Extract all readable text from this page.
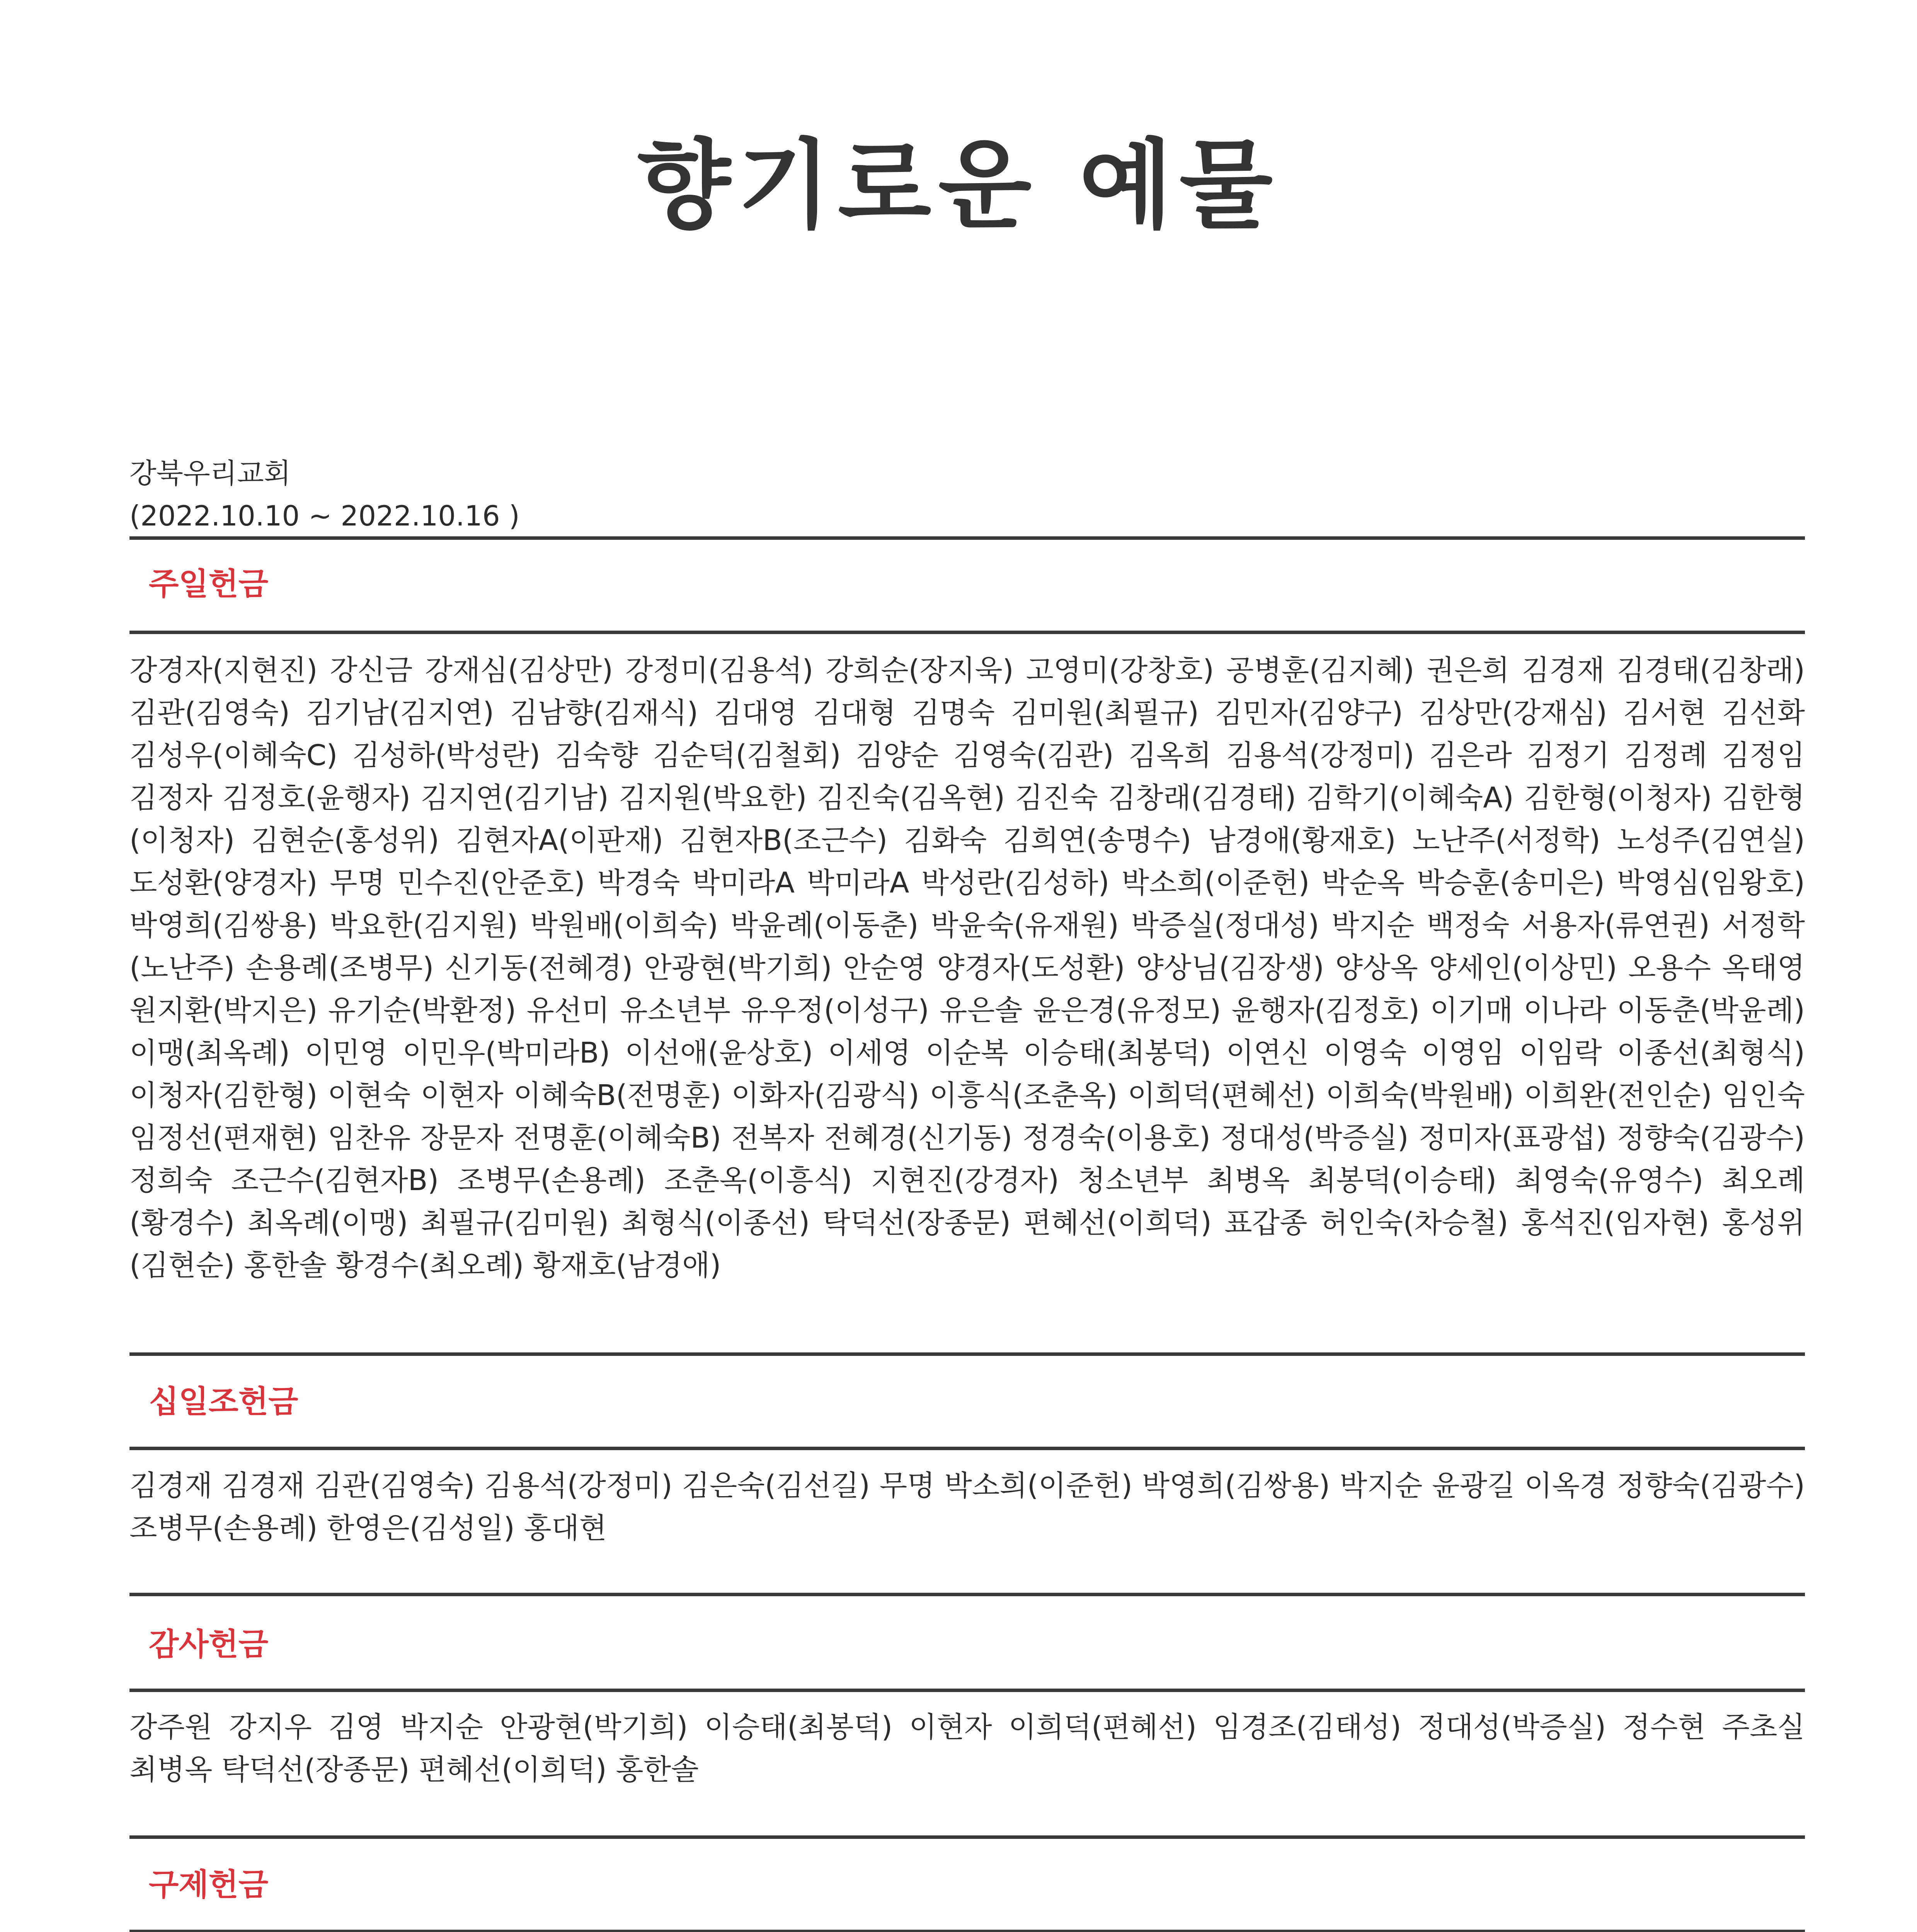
향기로운 예물
강북우리교회
(2022.10.10 ~ 2022.10.16 )
주일헌금
강경자(지현진) 강신금 강재심(김상만) 강정미(김용석) 강희순(장지욱) 고영미(강창호) 공병훈(김지혜) 권은희 김경재 김경태(김창래) 김관(김영숙) 김기남(김지연) 김남향(김재식) 김대영 김대형 김명숙 김미원(최필규) 김민자(김양구) 김상만(강재심) 김서현 김선화 김성우(이혜숙C) 김성하(박성란) 김숙향 김순덕(김철회) 김양순 김영숙(김관) 김옥희 김용석(강정미) 김은라 김정기 김정례 김정임 김정자 김정호(윤행자) 김지연(김기남) 김지원(박요한) 김진숙(김옥현) 김진숙 김창래(김경태) 김학기(이혜숙A) 김한형(이청자) 김한형(이청자) 김현순(홍성위) 김현자A(이판재) 김현자B(조근수) 김화숙 김희연(송명수) 남경애(황재호) 노난주(서정학) 노성주(김연실) 도성환(양경자) 무명 민수진(안준호) 박경숙 박미라A 박미라A 박성란(김성하) 박소희(이준헌) 박순옥 박승훈(송미은) 박영심(임왕호) 박영희(김쌍용) 박요한(김지원) 박원배(이희숙) 박윤례(이동춘) 박윤숙(유재원) 박증실(정대성) 박지순 백정숙 서용자(류연권) 서정학(노난주) 손용례(조병무) 신기동(전혜경) 안광현(박기희) 안순영 양경자(도성환) 양상님(김장생) 양상옥 양세인(이상민) 오용수 옥태영 원지환(박지은) 유기순(박환정) 유선미 유소년부 유우정(이성구) 유은솔 윤은경(유정모) 윤행자(김정호) 이기매 이나라 이동춘(박윤례) 이맹(최옥례) 이민영 이민우(박미라B) 이선애(윤상호) 이세영 이순복 이승태(최봉덕) 이연신 이영숙 이영임 이임락 이종선(최형식) 이청자(김한형) 이현숙 이현자 이혜숙B(전명훈) 이화자(김광식) 이흥식(조춘옥) 이희덕(편혜선) 이희숙(박원배) 이희완(전인순) 임인숙 임정선(편재현) 임찬유 장문자 전명훈(이혜숙B) 전복자 전혜경(신기동) 정경숙(이용호) 정대성(박증실) 정미자(표광섭) 정향숙(김광수) 정희숙 조근수(김현자B) 조병무(손용례) 조춘옥(이흥식) 지현진(강경자) 청소년부 최병옥 최봉덕(이승태) 최영숙(유영수) 최오례(황경수) 최옥례(이맹) 최필규(김미원) 최형식(이종선) 탁덕선(장종문) 편혜선(이희덕) 표갑종 허인숙(차승철) 홍석진(임자현) 홍성위(김현순) 홍한솔 황경수(최오례) 황재호(남경애)
십일조헌금
김경재 김경재 김관(김영숙) 김용석(강정미) 김은숙(김선길) 무명 박소희(이준헌) 박영희(김쌍용) 박지순 윤광길 이옥경 정향숙(김광수) 조병무(손용례) 한영은(김성일) 홍대현
감사헌금
강주원 강지우 김영 박지순 안광현(박기희) 이승태(최봉덕) 이현자 이희덕(편혜선) 임경조(김태성) 정대성(박증실) 정수현 주초실 최병옥 탁덕선(장종문) 편혜선(이희덕) 홍한솔
구제헌금
